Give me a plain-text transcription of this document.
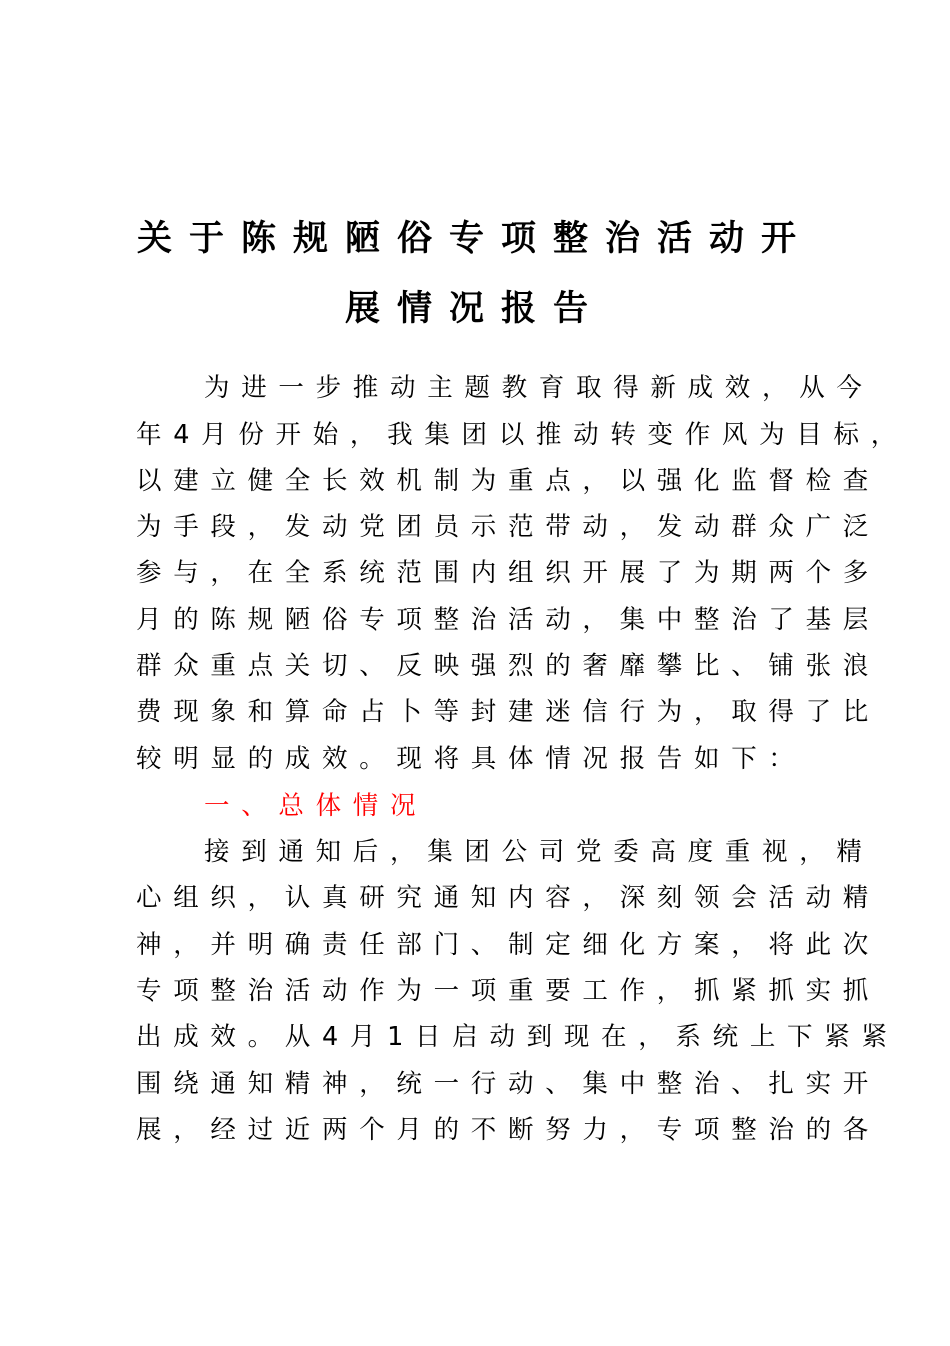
关于陈规陋俗专项整治活动开
展情况报告
为进一步推动主题教育取得新成效，从今
年4月份开始，我集团以推动转变作风为目标，
以建立健全长效机制为重点，以强化监督检查
为手段，发动党团员示范带动，发动群众广泛
参与，在全系统范围内组织开展了为期两个多
月的陈规陋俗专项整治活动，集中整治了基层
群众重点关切、反映强烈的奢靡攀比、铺张浪
费现象和算命占卜等封建迷信行为，取得了比
较明显的成效。现将具体情况报告如下：
一、总体情况
接到通知后，集团公司党委高度重视，精
心组织，认真研究通知内容，深刻领会活动精
神，并明确责任部门、制定细化方案，将此次
专项整治活动作为一项重要工作，抓紧抓实抓
出成效。从4月1日启动到现在，系统上下紧紧
围绕通知精神，统一行动、集中整治、扎实开
展，经过近两个月的不断努力，专项整治的各
